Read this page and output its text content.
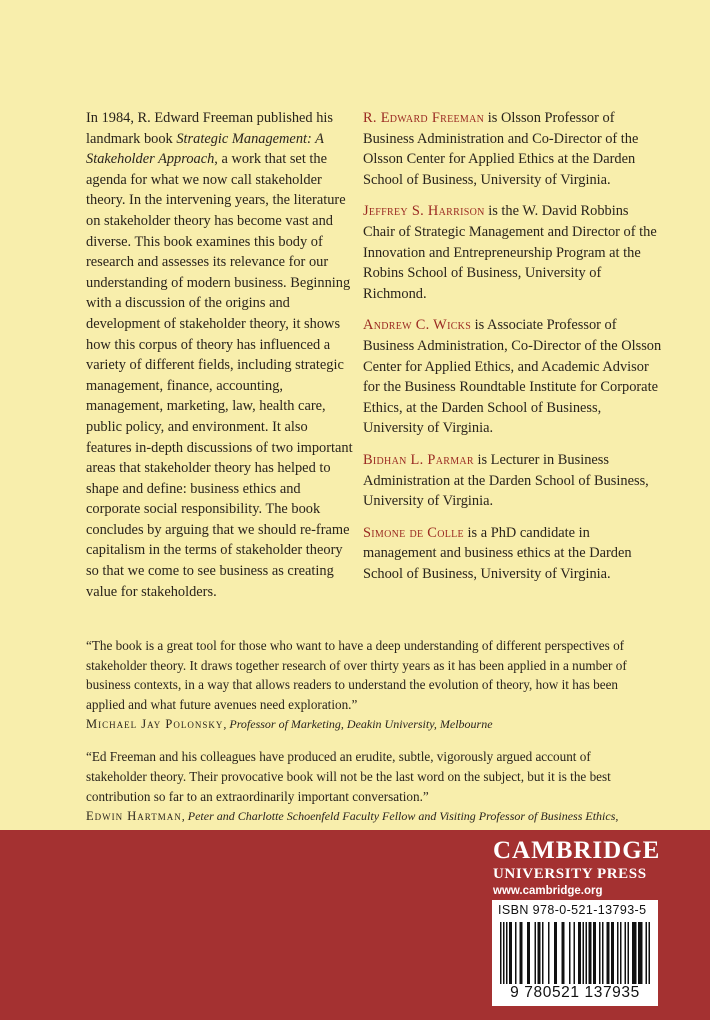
In 1984, R. Edward Freeman published his landmark book Strategic Management: A Stakeholder Approach, a work that set the agenda for what we now call stakeholder theory. In the intervening years, the literature on stakeholder theory has become vast and diverse. This book examines this body of research and assesses its relevance for our understanding of modern business. Beginning with a discussion of the origins and development of stakeholder theory, it shows how this corpus of theory has influenced a variety of different fields, including strategic management, finance, accounting, management, marketing, law, health care, public policy, and environment. It also features in-depth discussions of two important areas that stakeholder theory has helped to shape and define: business ethics and corporate social responsibility. The book concludes by arguing that we should re-frame capitalism in the terms of stakeholder theory so that we come to see business as creating value for stakeholders.

R. Edward Freeman is Olsson Professor of Business Administration and Co-Director of the Olsson Center for Applied Ethics at the Darden School of Business, University of Virginia.

Jeffrey S. Harrison is the W. David Robbins Chair of Strategic Management and Director of the Innovation and Entrepreneurship Program at the Robins School of Business, University of Richmond.

Andrew C. Wicks is Associate Professor of Business Administration, Co-Director of the Olsson Center for Applied Ethics, and Academic Advisor for the Business Roundtable Institute for Corporate Ethics, at the Darden School of Business, University of Virginia.

Bidhan L. Parmar is Lecturer in Business Administration at the Darden School of Business, University of Virginia.

Simone de Colle is a PhD candidate in management and business ethics at the Darden School of Business, University of Virginia.

“The book is a great tool for those who want to have a deep understanding of different perspectives of stakeholder theory. It draws together research of over thirty years as it has been applied in a number of business contexts, in a way that allows readers to understand the evolution of theory, how it has been applied and what future avenues need exploration.”

Michael Jay Polonsky, Professor of Marketing, Deakin University, Melbourne

“Ed Freeman and his colleagues have produced an erudite, subtle, vigorously argued account of stakeholder theory. Their provocative book will not be the last word on the subject, but it is the best contribution so far to an extraordinarily important conversation.”

Edwin Hartman, Peter and Charlotte Schoenfeld Faculty Fellow and Visiting Professor of Business Ethics,

CAMBRIDGE

UNIVERSITY PRESS

www.cambridge.org

ISBN 978-0-521-13793-5
9 780521 137935
